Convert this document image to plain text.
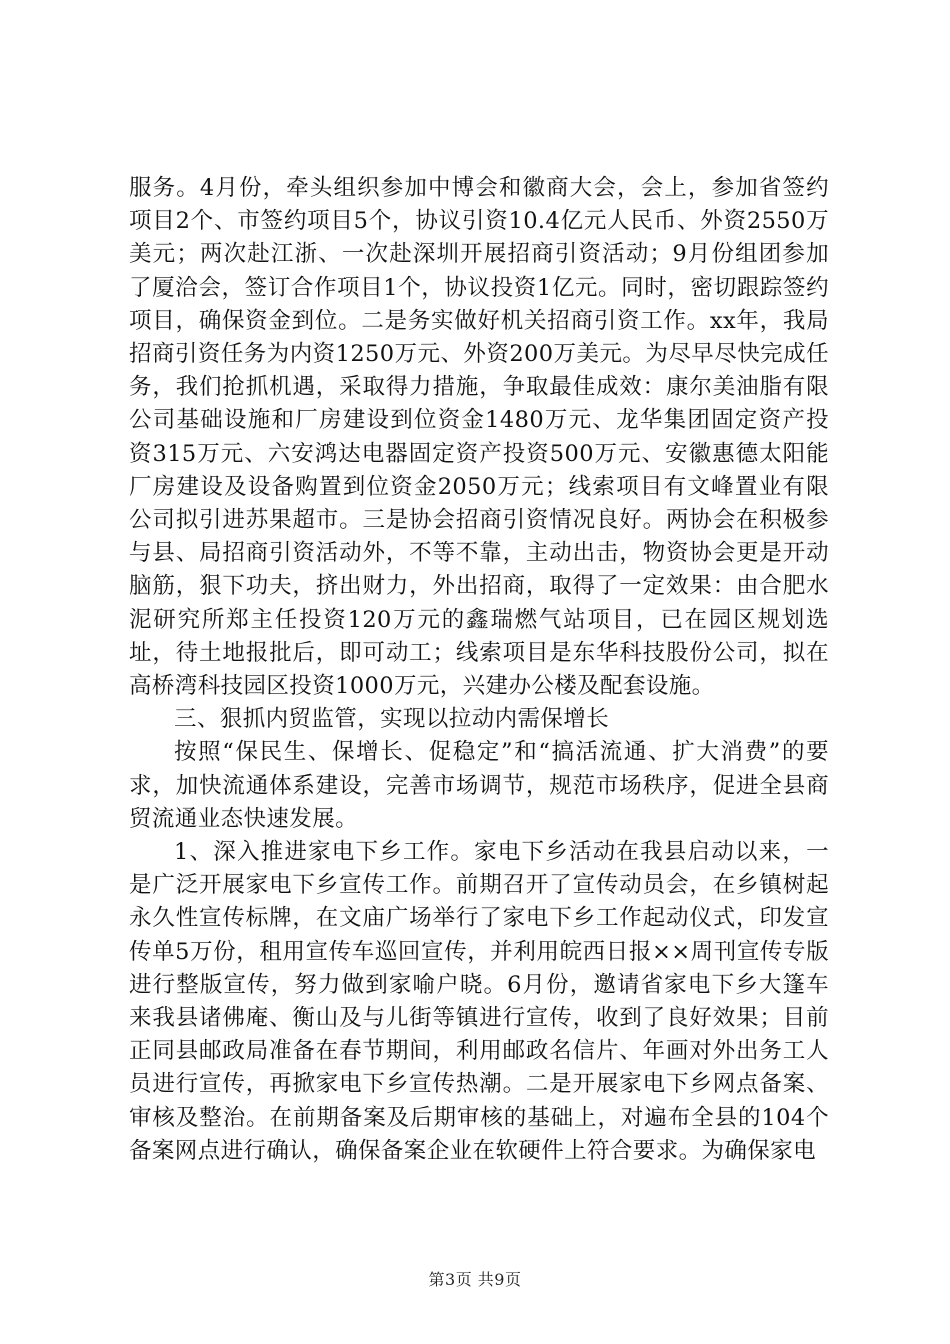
服务。4月份，牵头组织参加中博会和徽商大会，会上，参加省签约项目2个、市签约项目5个，协议引资10.4亿元人民币、外资2550万美元；两次赴江浙、一次赴深圳开展招商引资活动；9月份组团参加了厦洽会，签订合作项目1个，协议投资1亿元。同时，密切跟踪签约项目，确保资金到位。二是务实做好机关招商引资工作。xx年，我局招商引资任务为内资1250万元、外资200万美元。为尽早尽快完成任务，我们抢抓机遇，采取得力措施，争取最佳成效：康尔美油脂有限公司基础设施和厂房建设到位资金1480万元、龙华集团固定资产投资315万元、六安鸿达电器固定资产投资500万元、安徽惠德太阳能厂房建设及设备购置到位资金2050万元；线索项目有文峰置业有限公司拟引进苏果超市。三是协会招商引资情况良好。两协会在积极参与县、局招商引资活动外，不等不靠，主动出击，物资协会更是开动脑筋，狠下功夫，挤出财力，外出招商，取得了一定效果：由合肥水泥研究所郑主任投资120万元的鑫瑞燃气站项目，已在园区规划选址，待土地报批后，即可动工；线索项目是东华科技股份公司，拟在高桥湾科技园区投资1000万元，兴建办公楼及配套设施。

三、狠抓内贸监管，实现以拉动内需保增长

按照“保民生、保增长、促稳定”和“搞活流通、扩大消费”的要求，加快流通体系建设，完善市场调节，规范市场秩序，促进全县商贸流通业态快速发展。

1、深入推进家电下乡工作。家电下乡活动在我县启动以来，一是广泛开展家电下乡宣传工作。前期召开了宣传动员会，在乡镇树起永久性宣传标牌，在文庙广场举行了家电下乡工作起动仪式，印发宣传单5万份，租用宣传车巡回宣传，并利用皖西日报××周刊宣传专版进行整版宣传，努力做到家喻户晓。6月份，邀请省家电下乡大篷车来我县诸佛庵、衡山及与儿街等镇进行宣传，收到了良好效果；目前正同县邮政局准备在春节期间，利用邮政名信片、年画对外出务工人员进行宣传，再掀家电下乡宣传热潮。二是开展家电下乡网点备案、审核及整治。在前期备案及后期审核的基础上，对遍布全县的104个备案网点进行确认，确保备案企业在软硬件上符合要求。为确保家电

第3页 共9页
